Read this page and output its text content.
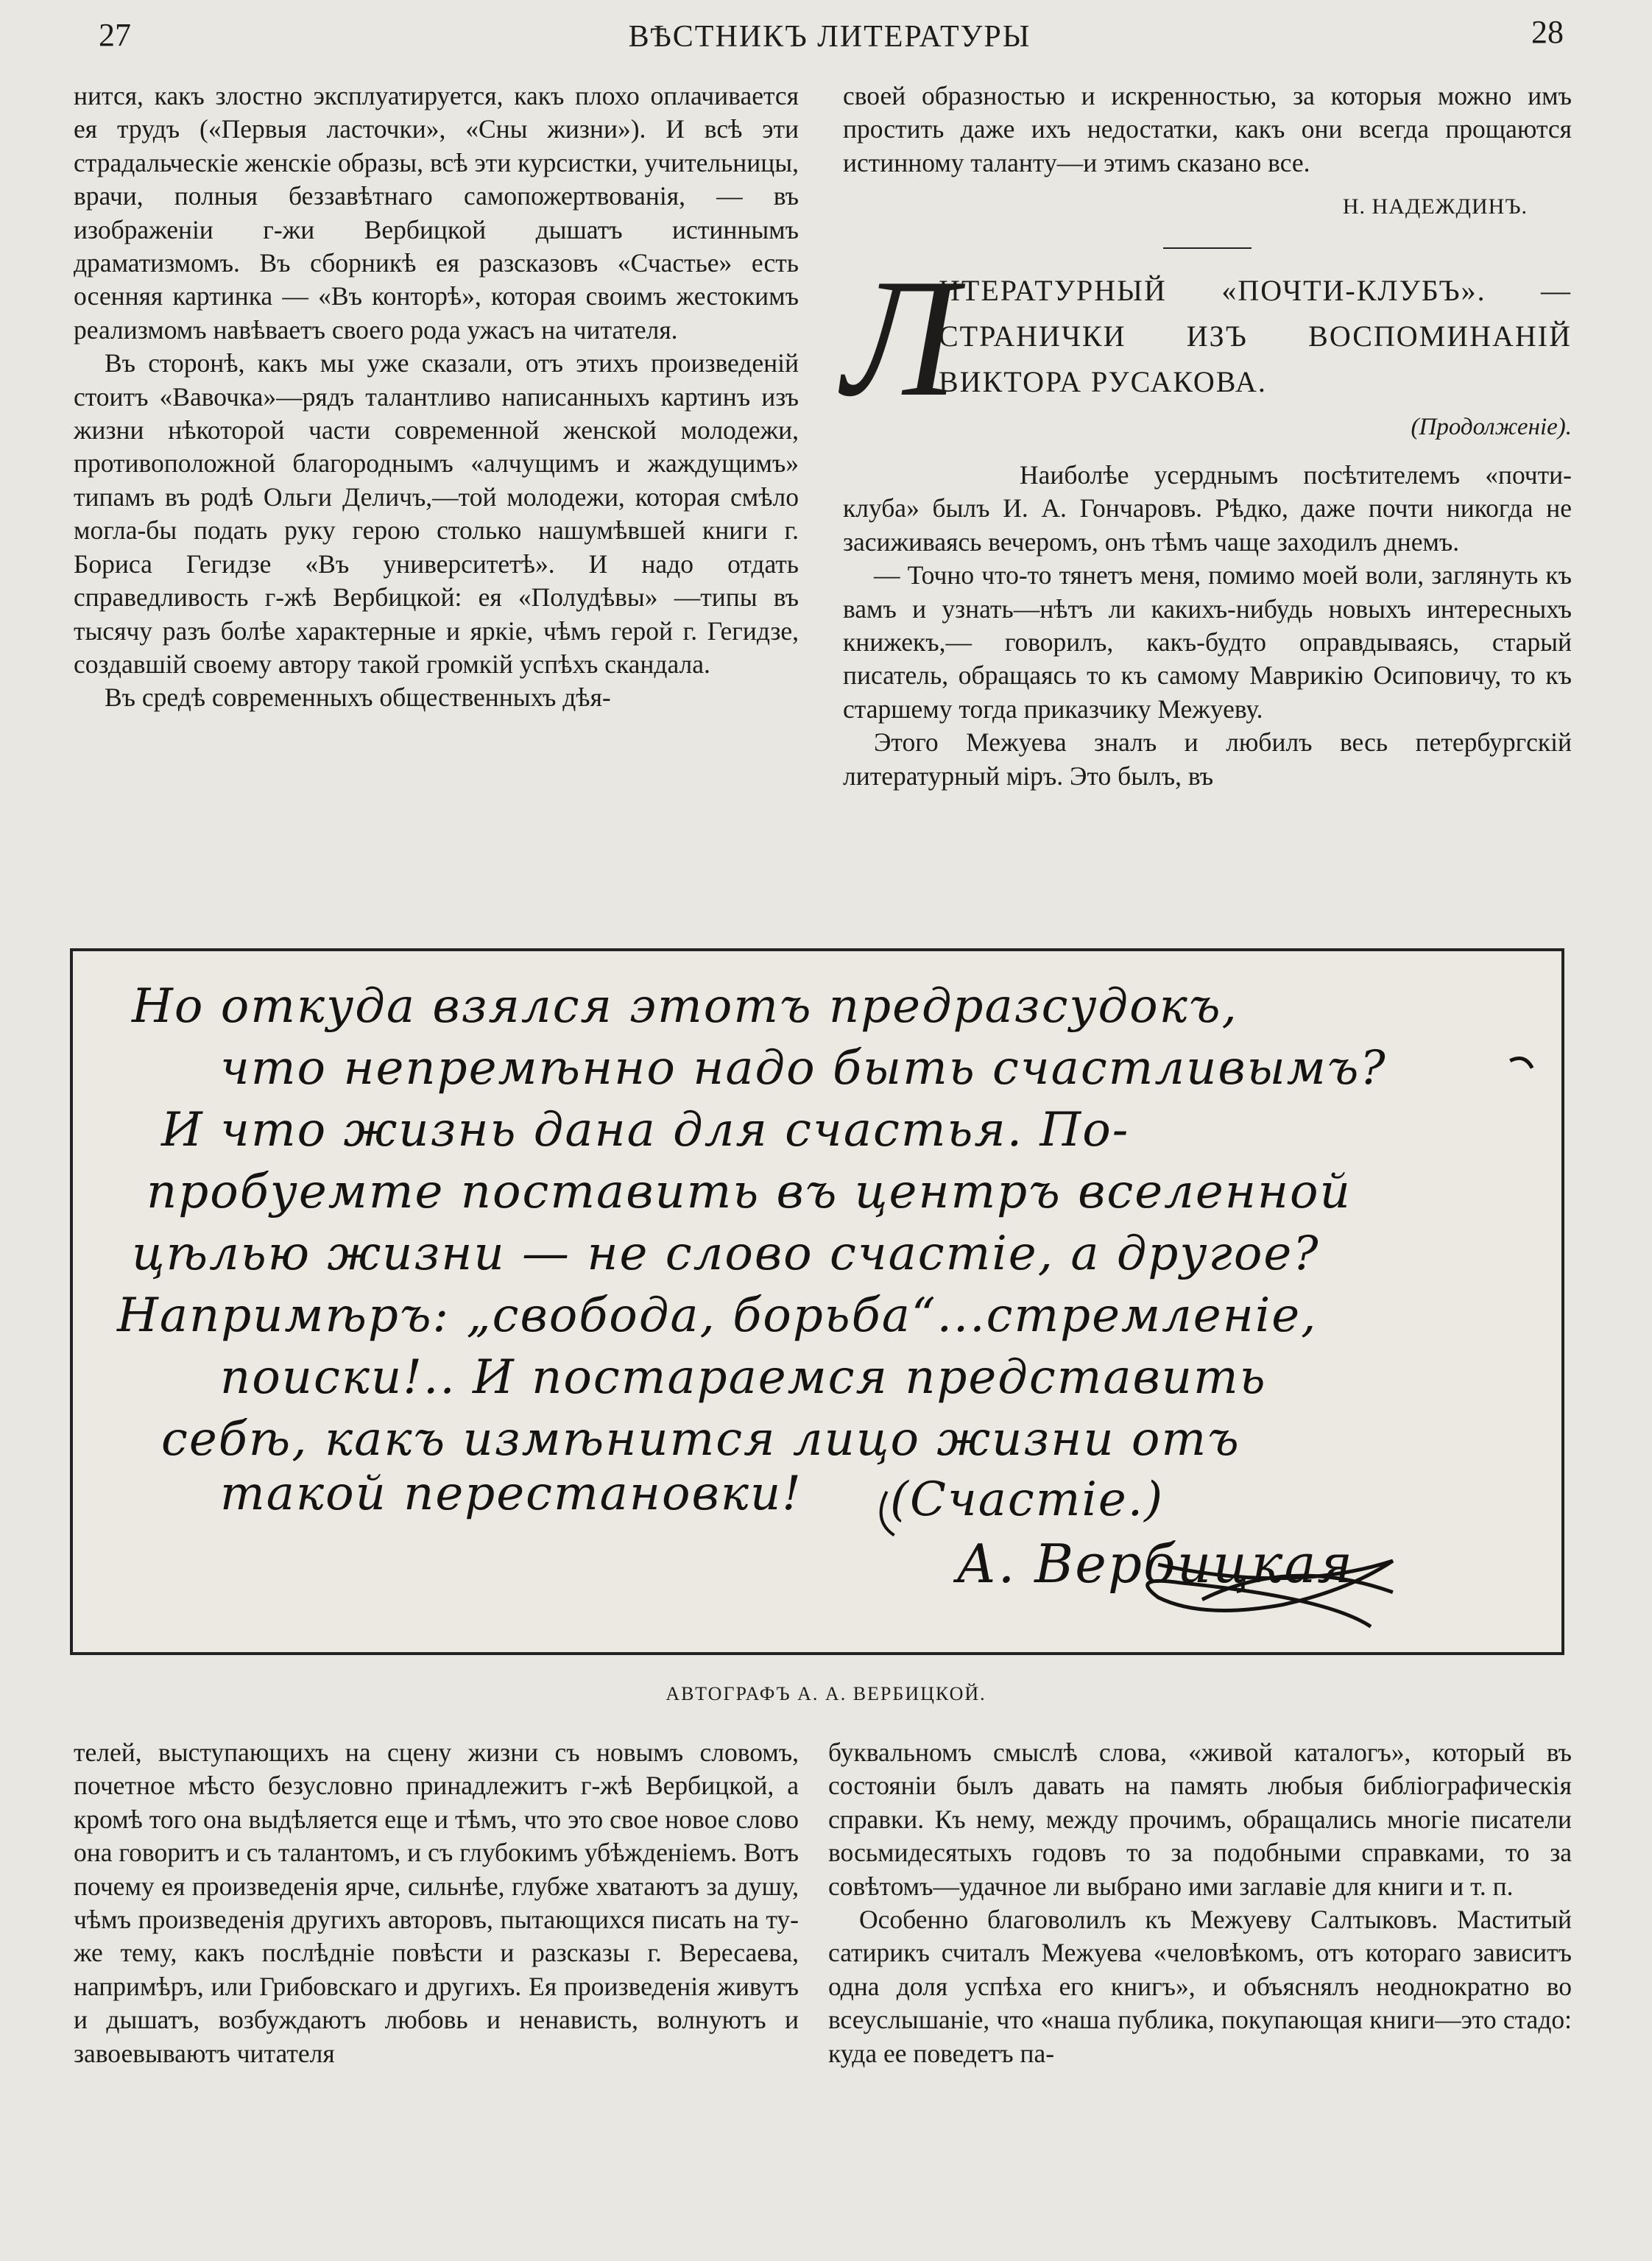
27	ВѢСТНИКЪ ЛИТЕРАТУРЫ	28

нится, какъ злостно эксплуатируется, какъ плохо оплачивается ея трудъ («Первыя ласточки», «Сны жизни»). И всѣ эти страдальческіе женскіе образы, всѣ эти курсистки, учительницы, врачи, полныя беззавѣтнаго самопожертвованія, — въ изображеніи г-жи Вербицкой дышатъ истиннымъ драматизмомъ. Въ сборникѣ ея разсказовъ «Счастье» есть осенняя картинка — «Въ конторѣ», которая своимъ жестокимъ реализмомъ навѣваетъ своего рода ужасъ на читателя.

Въ сторонѣ, какъ мы уже сказали, отъ этихъ произведеній стоитъ «Вавочка»—рядъ талантливо написанныхъ картинъ изъ жизни нѣкоторой части современной женской молодежи, противоположной благороднымъ «алчущимъ и жаждущимъ» типамъ въ родѣ Ольги Деличъ,—той молодежи, которая смѣло могла-бы подать руку герою столько нашумѣвшей книги г. Бориса Гегидзе «Въ университетѣ». И надо отдать справедливость г-жѣ Вербицкой: ея «Полудѣвы» —типы въ тысячу разъ болѣе характерные и яркіе, чѣмъ герой г. Гегидзе, создавшій своему автору такой громкій успѣхъ скандала.

Въ средѣ современныхъ общественныхъ дѣя-

своей образностью и искренностью, за которыя можно имъ простить даже ихъ недостатки, какъ они всегда прощаются истинному таланту—и этимъ сказано все.

Н. НАДЕЖДИНЪ.
Л
ИТЕРАТУРНЫЙ «ПОЧТИ-КЛУБЪ». —СТРАНИЧКИ ИЗЪ ВОСПОМИНАНІЙ ВИКТОРА РУСАКОВА.
(Продолженіе).

Наиболѣе усерднымъ посѣтителемъ «почти-клуба» былъ И. А. Гончаровъ. Рѣдко, даже почти никогда не засиживаясь вечеромъ, онъ тѣмъ чаще заходилъ днемъ.

— Точно что-то тянетъ меня, помимо моей воли, заглянуть къ вамъ и узнать—нѣтъ ли какихъ-нибудь новыхъ интересныхъ книжекъ,— говорилъ, какъ-будто оправдываясь, старый писатель, обращаясь то къ самому Маврикію Осиповичу, то къ старшему тогда приказчику Межуеву.

Этого Межуева зналъ и любилъ весь петербургскій литературный міръ. Это былъ, въ

Но откуда взялся этотъ предразсудокъ,
что непремѣнно надо быть счастливымъ?
И что жизнь дана для счастья. По-
пробуемте поставить въ центръ вселенной
цѣлью жизни — не слово счастіе, а другое?
Напримѣръ: „свобода, борьба“...стремленіе,
поиски!.. И постараемся представить
себѣ, какъ измѣнится лицо жизни отъ
такой перестановки!	(Счастіе.)
А. Вербицкая
АВТОГРАФЪ А. А. ВЕРБИЦКОЙ.

телей, выступающихъ на сцену жизни съ новымъ словомъ, почетное мѣсто безусловно принадлежитъ г-жѣ Вербицкой, а кромѣ того она выдѣляется еще и тѣмъ, что это свое новое слово она говоритъ и съ талантомъ, и съ глубокимъ убѣжденіемъ. Вотъ почему ея произведенія ярче, сильнѣе, глубже хватаютъ за душу, чѣмъ произведенія другихъ авторовъ, пытающихся писать на ту-же тему, какъ послѣдніе повѣсти и разсказы г. Вересаева, напримѣръ, или Грибовскаго и другихъ. Ея произведенія живутъ и дышатъ, возбуждаютъ любовь и ненависть, волнуютъ и завоевываютъ читателя

буквальномъ смыслѣ слова, «живой каталогъ», который въ состояніи былъ давать на память любыя библіографическія справки. Къ нему, между прочимъ, обращались многіе писатели восьмидесятыхъ годовъ то за подобными справками, то за совѣтомъ—удачное ли выбрано ими заглавіе для книги и т. п.

Особенно благоволилъ къ Межуеву Салтыковъ. Маститый сатирикъ считалъ Межуева «человѣкомъ, отъ котораго зависитъ одна доля успѣха его книгъ», и объяснялъ неоднократно во всеуслышаніе, что «наша публика, покупающая книги—это стадо: куда ее поведетъ па-
